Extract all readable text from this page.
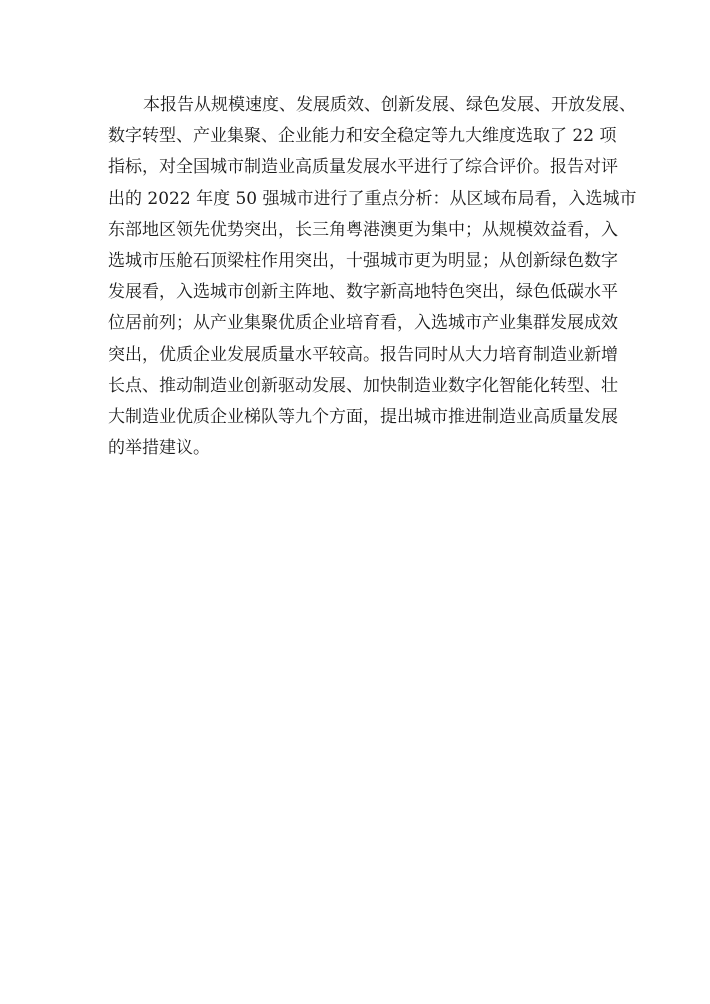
本报告从规模速度、发展质效、创新发展、绿色发展、开放发展、
数字转型、产业集聚、企业能力和安全稳定等九大维度选取了 22 项
指标，对全国城市制造业高质量发展水平进行了综合评价。报告对评
出的 2022 年度 50 强城市进行了重点分析：从区域布局看，入选城市
东部地区领先优势突出，长三角粤港澳更为集中；从规模效益看，入
选城市压舱石顶梁柱作用突出，十强城市更为明显；从创新绿色数字
发展看，入选城市创新主阵地、数字新高地特色突出，绿色低碳水平
位居前列；从产业集聚优质企业培育看，入选城市产业集群发展成效
突出，优质企业发展质量水平较高。报告同时从大力培育制造业新增
长点、推动制造业创新驱动发展、加快制造业数字化智能化转型、壮
大制造业优质企业梯队等九个方面，提出城市推进制造业高质量发展
的举措建议。
